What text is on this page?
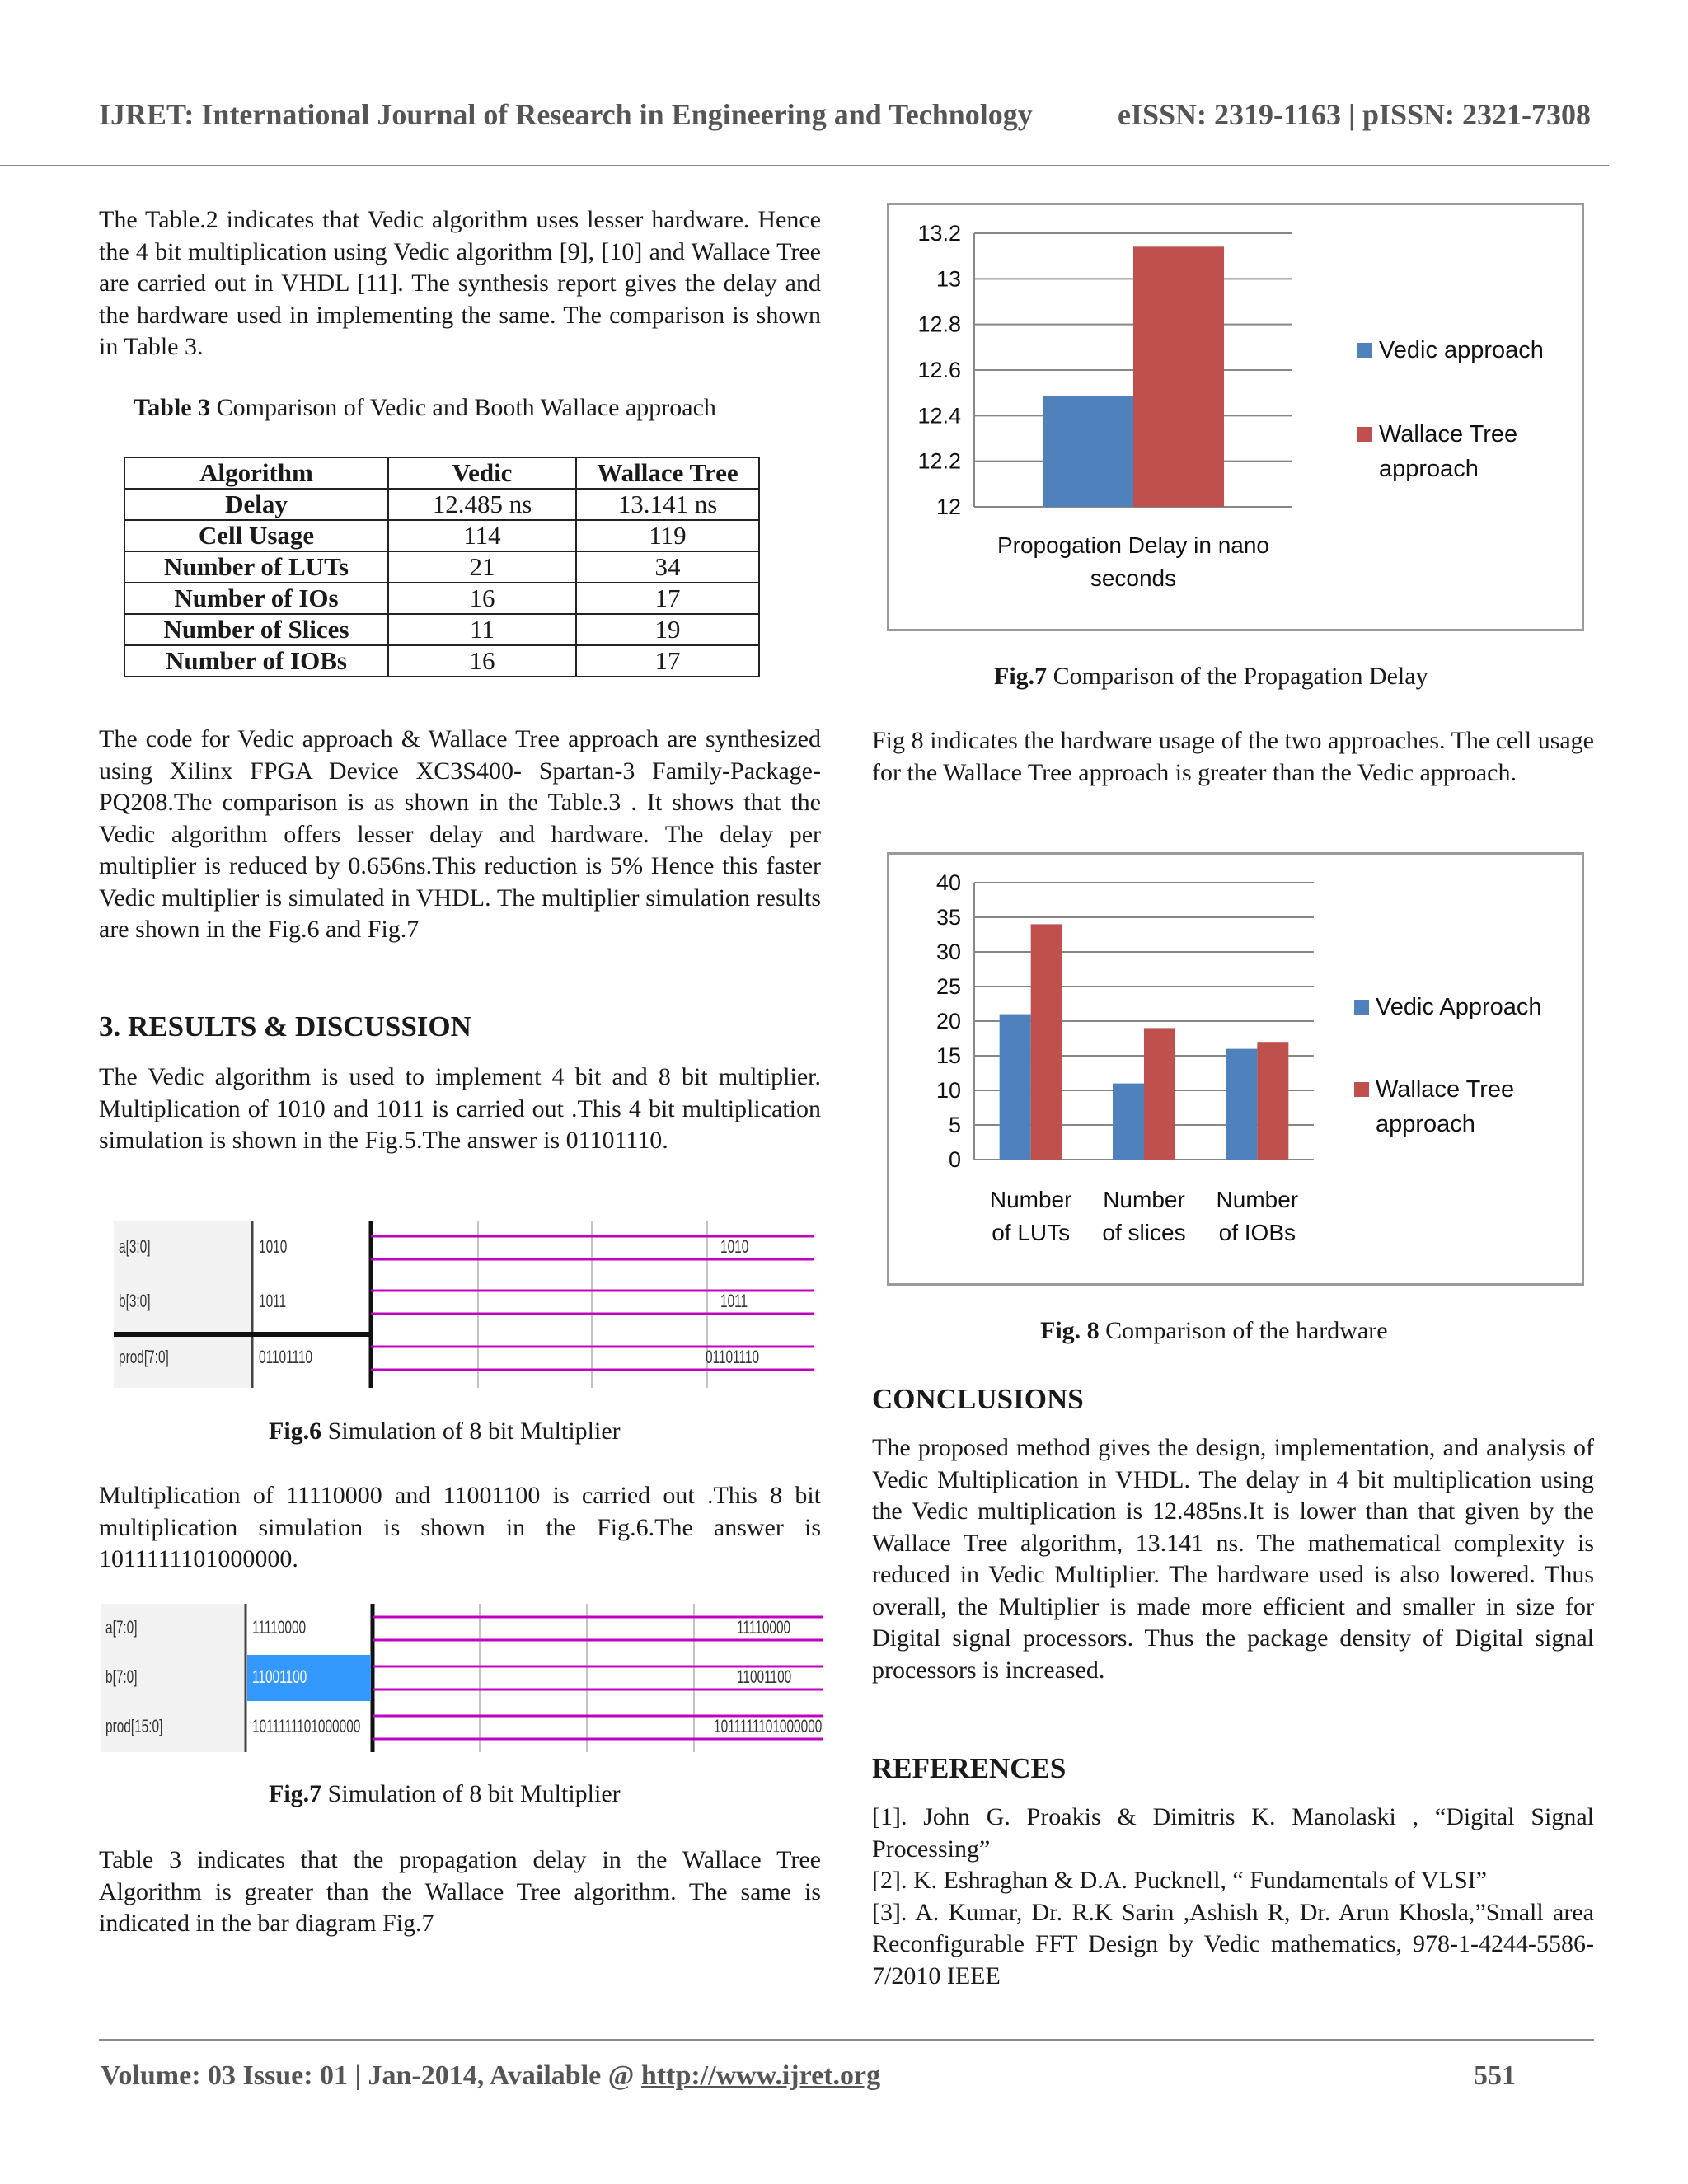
IJRET: International Journal of Research in Engineering and Technology	eISSN: 2319-1163 | pISSN: 2321-7308

The Table.2 indicates that Vedic algorithm uses lesser hardware. Hence the 4 bit multiplication using Vedic algorithm [9], [10] and Wallace Tree are carried out in VHDL [11]. The synthesis report gives the delay and the hardware used in implementing the same. The comparison is shown in Table 3.

Table 3 Comparison of Vedic and Booth Wallace approach
Algorithm	Vedic	Wallace Tree
Delay	12.485 ns	13.141 ns
Cell Usage	114	119
Number of LUTs	21	34
Number of IOs	16	17
Number of Slices	11	19
Number of IOBs	16	17

The code for Vedic approach & Wallace Tree approach are synthesized using Xilinx FPGA Device XC3S400- Spartan-3 Family-Package-PQ208.The comparison is as shown in the Table.3 . It shows that the Vedic algorithm offers lesser delay and hardware. The delay per multiplier is reduced by 0.656ns.This reduction is 5% Hence this faster Vedic multiplier is simulated in VHDL. The multiplier simulation results are shown in the Fig.6 and Fig.7

3. RESULTS & DISCUSSION

The Vedic algorithm is used to implement 4 bit and 8 bit multiplier. Multiplication of 1010 and 1011 is carried out .This 4 bit multiplication simulation is shown in the Fig.5.The answer is 01101110.

a[3:0]	1010	1010
b[3:0]	1011	1011
prod[7:0]	01101110	01101110
Fig.6 Simulation of 8 bit Multiplier

Multiplication of 11110000 and 11001100 is carried out .This 8 bit multiplication simulation is shown in the Fig.6.The answer is 1011111101000000.

a[7:0]	11110000	11110000
b[7:0]	11001100	11001100
prod[15:0]	1011111101000000	1011111101000000
Fig.7 Simulation of 8 bit Multiplier

Table 3 indicates that the propagation delay in the Wallace Tree Algorithm is greater than the Wallace Tree algorithm. The same is indicated in the bar diagram Fig.7

13.2
13
12.8
12.6
12.4
12.2
12
Propogation Delay in nano
seconds
Vedic approach
Wallace Tree
approach
Fig.7 Comparison of the Propagation Delay

Fig 8 indicates the hardware usage of the two approaches. The cell usage for the Wallace Tree approach is greater than the Vedic approach.

40
35
30
25
20
15
10
5
0
Number
of LUTs
Number
of slices
Number
of IOBs
Vedic Approach
Wallace Tree
approach
Fig. 8 Comparison of the hardware
CONCLUSIONS

The proposed method gives the design, implementation, and analysis of Vedic Multiplication in VHDL. The delay in 4 bit multiplication using the Vedic multiplication is 12.485ns.It is lower than that given by the Wallace Tree algorithm, 13.141 ns. The mathematical complexity is reduced in Vedic Multiplier. The hardware used is also lowered. Thus overall, the Multiplier is made more efficient and smaller in size for Digital signal processors. Thus the package density of Digital signal processors is increased.

REFERENCES
[1]. John G. Proakis & Dimitris K. Manolaski , “Digital Signal Processing”
[2]. K. Eshraghan & D.A. Pucknell, “ Fundamentals of VLSI”
[3]. A. Kumar, Dr. R.K Sarin ,Ashish R, Dr. Arun Khosla,”Small area Reconfigurable FFT Design by Vedic mathematics, 978-1-4244-5586- 7/2010 IEEE
Volume: 03 Issue: 01 | Jan-2014, Available @ http://www.ijret.org	551
